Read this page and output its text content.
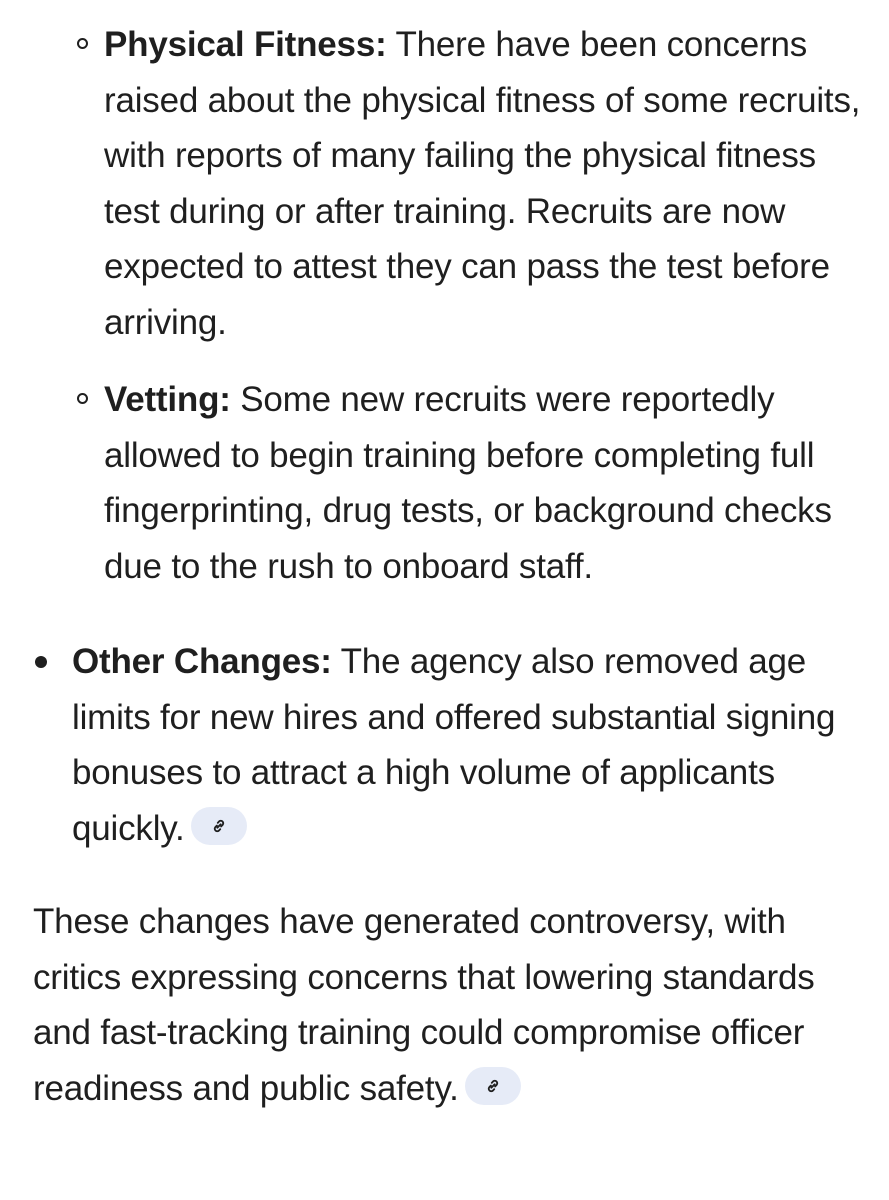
Physical Fitness: There have been concerns raised about the physical fitness of some recruits, with reports of many failing the physical fitness test during or after training. Recruits are now expected to attest they can pass the test before arriving.

Vetting: Some new recruits were reportedly allowed to begin training before completing full fingerprinting, drug tests, or background checks due to the rush to onboard staff.

Other Changes: The agency also removed age limits for new hires and offered substantial signing bonuses to attract a high volume of applicants quickly.

These changes have generated controversy, with critics expressing concerns that lowering standards and fast-tracking training could compromise officer readiness and public safety.
